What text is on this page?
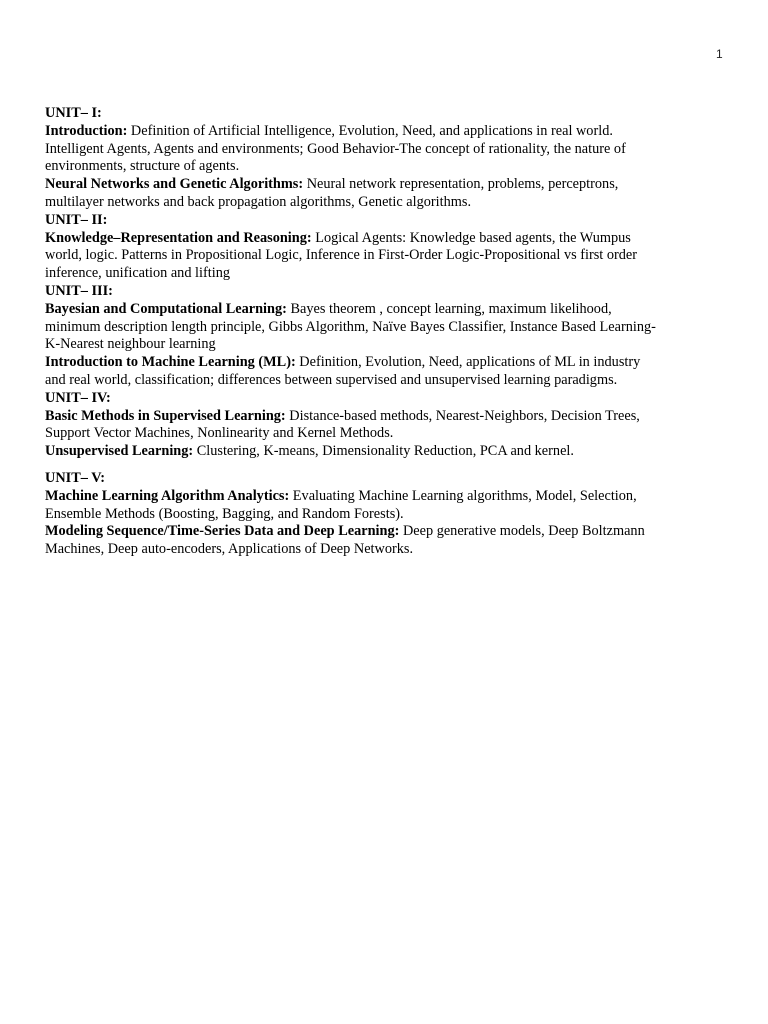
1

UNIT– I:

Introduction: Definition of Artificial Intelligence, Evolution, Need, and applications in real world. Intelligent Agents, Agents and environments; Good Behavior-The concept of rationality, the nature of environments, structure of agents.

Neural Networks and Genetic Algorithms: Neural network representation, problems, perceptrons, multilayer networks and back propagation algorithms, Genetic algorithms.

UNIT– II:

Knowledge–Representation and Reasoning: Logical Agents: Knowledge based agents, the Wumpus world, logic. Patterns in Propositional Logic, Inference in First-Order Logic-Propositional vs first order inference, unification and lifting

UNIT– III:

Bayesian and Computational Learning: Bayes theorem , concept learning, maximum likelihood, minimum description length principle, Gibbs Algorithm, Naïve Bayes Classifier, Instance Based Learning- K-Nearest neighbour learning

Introduction to Machine Learning (ML): Definition, Evolution, Need, applications of ML in industry and real world, classification; differences between supervised and unsupervised learning paradigms.

UNIT– IV:

Basic Methods in Supervised Learning: Distance-based methods, Nearest-Neighbors, Decision Trees, Support Vector Machines, Nonlinearity and Kernel Methods.

Unsupervised Learning: Clustering, K-means, Dimensionality Reduction, PCA and kernel.

UNIT– V:

Machine Learning Algorithm Analytics: Evaluating Machine Learning algorithms, Model, Selection, Ensemble Methods (Boosting, Bagging, and Random Forests).

Modeling Sequence/Time-Series Data and Deep Learning: Deep generative models, Deep Boltzmann Machines, Deep auto-encoders, Applications of Deep Networks.
